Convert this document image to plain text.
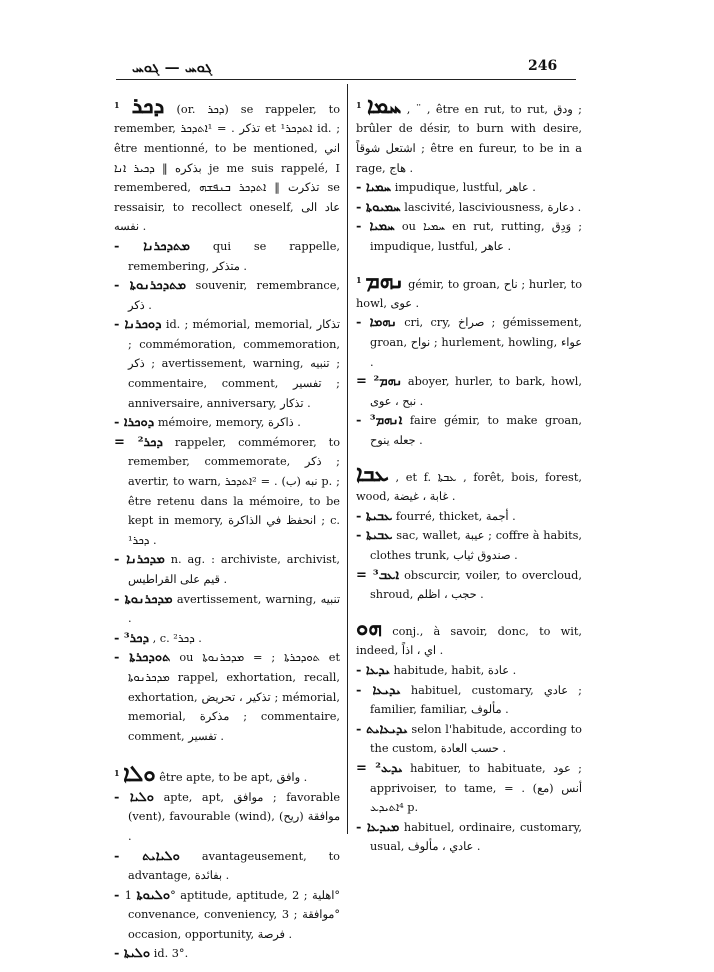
ܓܘܚ — ܓܘܚ	246
$^1$ ܕܟܪ (or. ܕܟܪ) se rappeler, to remember, تذكر . = ¹ܐܬܕܟܪ et ¹ܐܬܕܟܪ id. ; être mentionné, to be mentioned, اني بذكره ‖ ܕܟܝܪ ܐܢܐ je me suis rappelé, I remembered, تذكرت ‖ ܐܬܕܟܪ ܒܢܦܫܗ se ressaisir, to recollect oneself, عاد الى نفسه .
- ܡܬܕܟܪܢܐ qui se rappelle, remembering, متذكر .
- ܡܬܕܟܪܢܘܬܐ souvenir, remembrance, ذكر .
- ܕܘܟܪܢܐ id. ; mémorial, memorial, تذكار ; commémoration, commemoration, ذكر ; avertissement, warning, تنبيه ; commentaire, comment, تفسير ; anniversaire, anniversary, تذكار .
- ܕܘܟܪܐ mémoire, memory, ذاكرة .
= ²ܕܟܪ rappeler, commémorer, to remember, commemorate, ذكر ; avertir, to warn, نبه (ب) . = ²ܐܬܕܟܪ p. ; être retenu dans la mémoire, to be kept in memory, انحفظ في الذاكرة ; c. ¹ܕܟܪ .
- ܡܕܟܪܢܐ n. ag. : archiviste, archivist, قيم على القراطيس .
- ܡܕܟܪܢܘܬܐ avertissement, warning, تنبيه .
- ³ܕܟܪ , c. ²ܕܟܪ .
- ܬܘܕܟܪܬܐ ou ܬܘܕܟܪܬܐ ; = ܡܕܟܪܢܘܬܐ et ܡܕܟܪܢܘܬܐ rappel, exhortation, recall, exhortation, تذكير ، تحريض ; mémorial, memorial, مذكرة ; commentaire, comment, تفسير .
$^1$ ܘܠܐ être apte, to be apt, وافق .
- ܘܠܝܐ apte, apt, موافق ; favorable (vent), favourable (wind), موافقة (ريح) .
- ܘܠܝܐܝܬ avantageusement, to advantage, بفائدة .
- ܘܠܝܘܬܐ 1° aptitude, aptitude, اهلية ; 2° convenance, conveniency, موافقة ; 3° occasion, opportunity, فرصة .
- ܘܠܝܬܐ id. 3°.
$^1$ ܚܡܐ , ¨ , être en rut, to rut, ودق ; brûler de désir, to burn with desire, اشتعل شوقاً ; être en fureur, to be in a rage, هاج .
- ܚܡܝܐ impudique, lustful, عاهر .
- ܚܡܝܘܬܐ lascivité, lasciviousness, دعارة .
- ܚܡܝܐ ou ܚܡܝܐ en rut, rutting, وَدِق ; impudique, lustful, عاهر .
$^1$ ܢܗܡ gémir, to groan, ناح ; hurler, to howl, عوى .
- ܢܗܡܐ cri, cry, صراخ ; gémissement, groan, نواح ; hurlement, howling, عواء .
= ²ܢܗܡ aboyer, hurler, to bark, howl, نبح ، عوى .
- ³ܐܢܗܡ faire gémir, to make groan, جعله ينوح .
ܥܒܐ , et f. ܥܒܬܐ , forêt, bois, forest, wood, غابة ، غيضة .
- ܥܒܝܬܐ fourré, thicket, أجمة .
- ܥܒܝܬܐ sac, wallet, عيبة ; coffre à habits, clothes trunk, صندوق ثياب .
= ³ܐܥܒ obscurcir, voiler, to overcloud, shroud, حجب ، اظلم .
ܗܘ conj., à savoir, donc, to wit, indeed, اي ، اذاً .
- ܝܕܥܐ habitude, habit, عادة .
- ܝܕܝܥܐ habituel, customary, عادي ; familier, familiar, مألوف .
- ܝܕܝܥܐܝܬ selon l'habitude, according to the custom, حسب العادة .
= ²ܝܕܥ habituer, to habituate, عود ; apprivoiser, to tame, أنس (مع) . = ⁴ܐܬܝܕܥ p.
- ܡܝܕܥܐ habituel, ordinaire, customary, usual, عادي ، مألوف .
